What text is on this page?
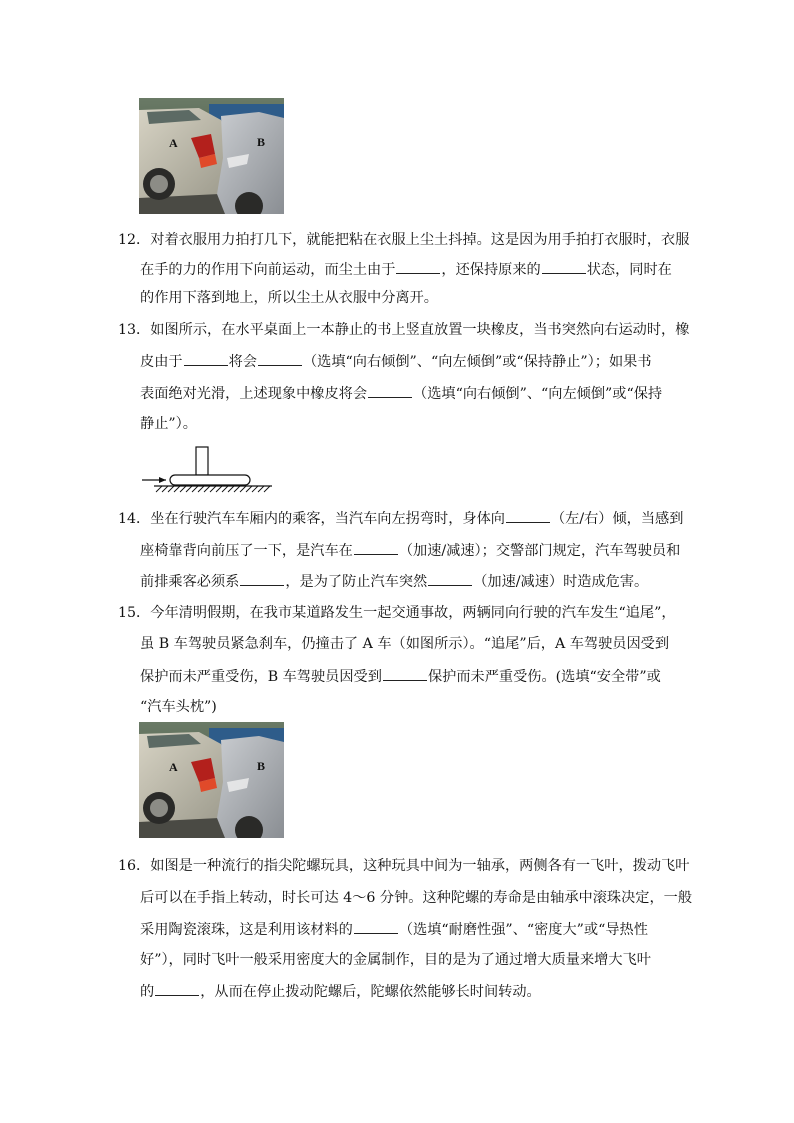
A	B
12．对着衣服用力拍打几下，就能把粘在衣服上尘土抖掉。这是因为用手拍打衣服时，衣服
在手的力的作用下向前运动，而尘土由于	，还保持原来的	状态，同时在
的作用下落到地上，所以尘土从衣服中分离开。
13．如图所示，在水平桌面上一本静止的书上竖直放置一块橡皮，当书突然向右运动时，橡
皮由于	将会	（选填“向右倾倒”、“向左倾倒”或“保持静止”）；如果书
表面绝对光滑，上述现象中橡皮将会	（选填“向右倾倒”、“向左倾倒”或“保持
静止”）。
14．坐在行驶汽车车厢内的乘客，当汽车向左拐弯时，身体向	（左/右）倾，当感到
座椅靠背向前压了一下，是汽车在	（加速/减速）；交警部门规定，汽车驾驶员和
前排乘客必须系	，是为了防止汽车突然	（加速/减速）时造成危害。
15．今年清明假期，在我市某道路发生一起交通事故，两辆同向行驶的汽车发生“追尾”，
虽 B 车驾驶员紧急刹车，仍撞击了 A 车（如图所示）。“追尾”后，A 车驾驶员因受到
保护而未严重受伤，B 车驾驶员因受到	保护而未严重受伤。(选填“安全带”或
“汽车头枕”)
A	B
16．如图是一种流行的指尖陀螺玩具，这种玩具中间为一轴承，两侧各有一飞叶，拨动飞叶
后可以在手指上转动，时长可达 4～6 分钟。这种陀螺的寿命是由轴承中滚珠决定，一般
采用陶瓷滚珠，这是利用该材料的	（选填“耐磨性强”、“密度大”或“导热性
好”），同时飞叶一般采用密度大的金属制作，目的是为了通过增大质量来增大飞叶
的	，从而在停止拨动陀螺后，陀螺依然能够长时间转动。
